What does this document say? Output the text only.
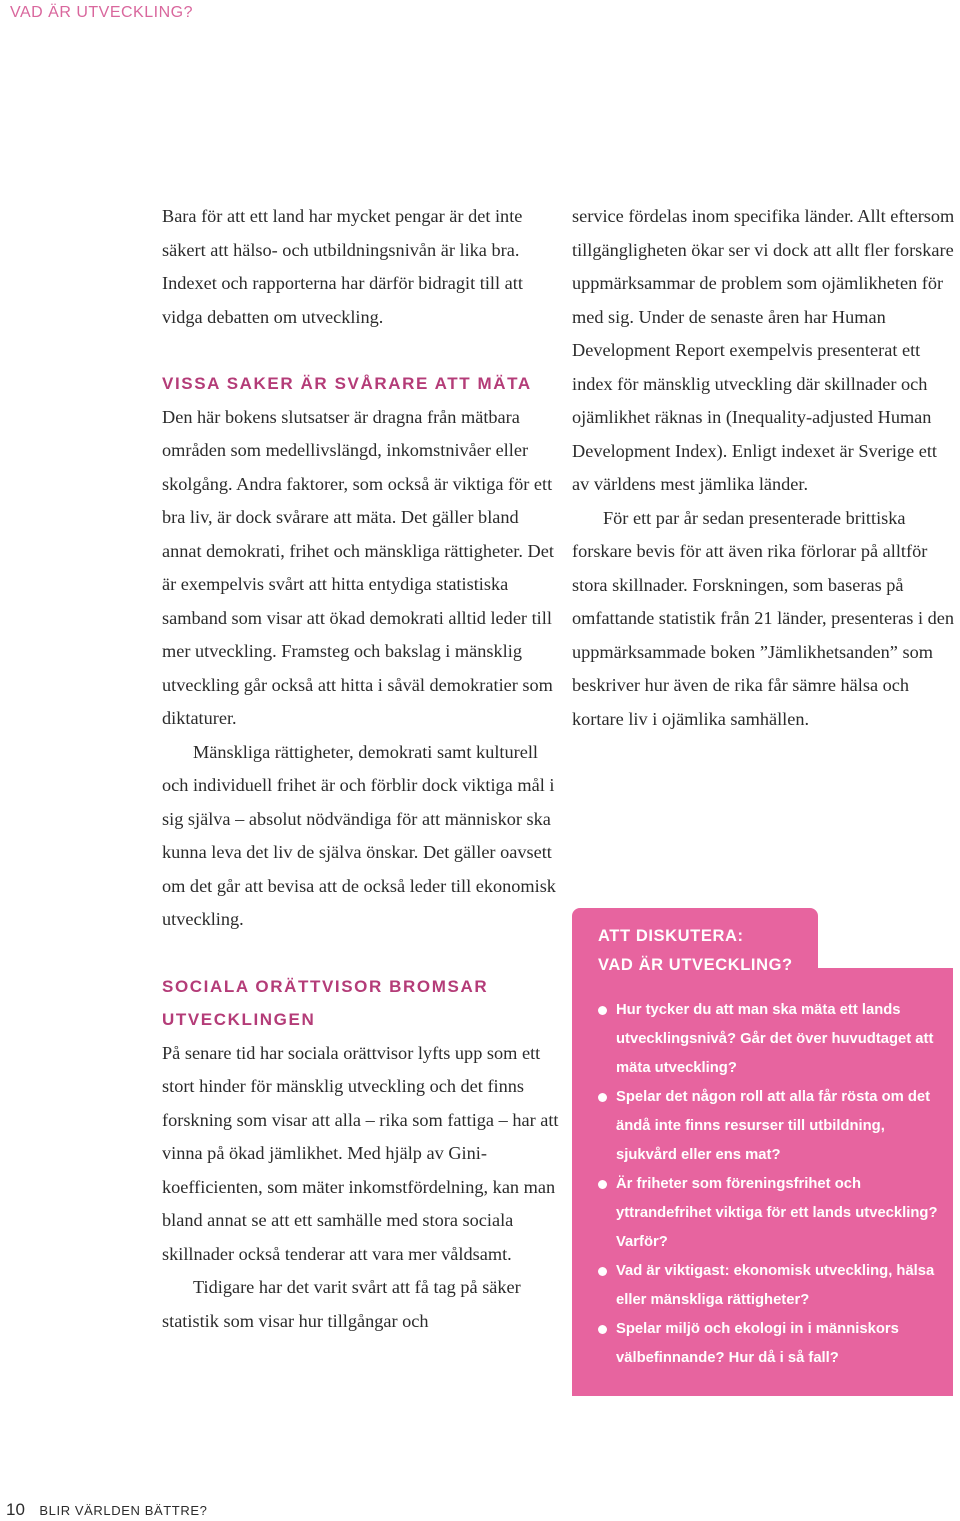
VAD ÄR UTVECKLING?

Bara för att ett land har mycket pengar är det inte säkert att hälso- och utbildningsnivån är lika bra. Indexet och rapporterna har därför bidragit till att vidga debatten om utveckling.

VISSA SAKER ÄR SVÅRARE ATT MÄTA

Den här bokens slutsatser är dragna från mätbara områden som medellivslängd, inkomstnivåer eller skolgång. Andra faktorer, som också är viktiga för ett bra liv, är dock svårare att mäta. Det gäller bland annat demokrati, frihet och mänskliga rättigheter. Det är exempelvis svårt att hitta entydiga statistiska samband som visar att ökad demokrati alltid leder till mer utveckling. Framsteg och bakslag i mänsklig utveckling går också att hitta i såväl demokratier som diktaturer.

Mänskliga rättigheter, demokrati samt kulturell och individuell frihet är och förblir dock viktiga mål i sig själva – absolut nödvändiga för att människor ska kunna leva det liv de själva önskar. Det gäller oavsett om det går att bevisa att de också leder till ekonomisk utveckling.

SOCIALA ORÄTTVISOR BROMSAR UTVECKLINGEN

På senare tid har sociala orättvisor lyfts upp som ett stort hinder för mänsklig utveckling och det finns forskning som visar att alla – rika som fattiga – har att vinna på ökad jämlikhet. Med hjälp av Gini-koefficienten, som mäter inkomstfördelning, kan man bland annat se att ett samhälle med stora sociala skillnader också tenderar att vara mer våldsamt.

Tidigare har det varit svårt att få tag på säker statistik som visar hur tillgångar och

service fördelas inom specifika länder. Allt eftersom tillgängligheten ökar ser vi dock att allt fler forskare uppmärksammar de problem som ojämlikheten för med sig. Under de senaste åren har Human Development Report exempelvis presenterat ett index för mänsklig utveckling där skillnader och ojämlikhet räknas in (Inequality-adjusted Human Development Index). Enligt indexet är Sverige ett av världens mest jämlika länder.

För ett par år sedan presenterade brittiska forskare bevis för att även rika förlorar på alltför stora skillnader. Forskningen, som baseras på omfattande statistik från 21 länder, presenteras i den uppmärksammade boken ”Jämlikhetsanden” som beskriver hur även de rika får sämre hälsa och kortare liv i ojämlika samhällen.

ATT DISKUTERA:
VAD ÄR UTVECKLING?
Hur tycker du att man ska mäta ett lands utvecklingsnivå? Går det över huvudtaget att mäta utveckling?
Spelar det någon roll att alla får rösta om det ändå inte finns resurser till utbildning, sjukvård eller ens mat?
Är friheter som föreningsfrihet och yttrandefrihet viktiga för ett lands utveckling? Varför?
Vad är viktigast: ekonomisk utveckling, hälsa eller mänskliga rättigheter?
Spelar miljö och ekologi in i människors välbefinnande? Hur då i så fall?
10 BLIR VÄRLDEN BÄTTRE?
